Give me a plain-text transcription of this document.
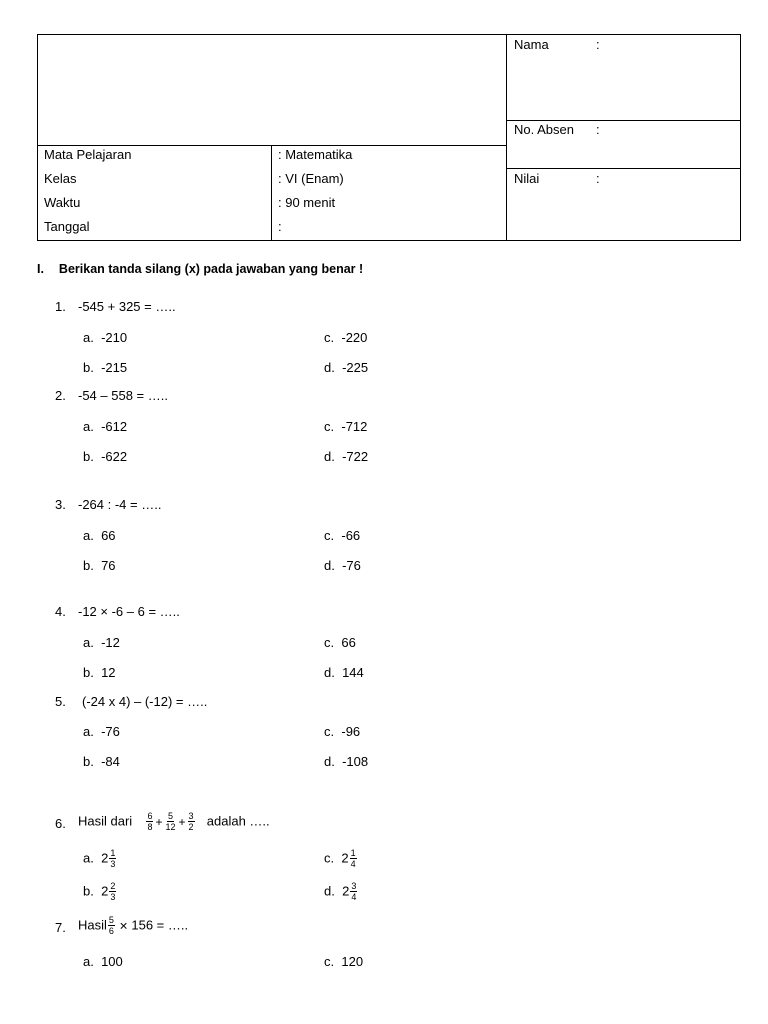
Mata Pelajaran	: Matematika
Kelas	: VI (Enam)
Waktu	: 90 menit
Tanggal	:
Nama	:
No. Absen :
Nilai	:
I. Berikan tanda silang (x) pada jawaban yang benar !
1. -545 + 325 = …..
a. -210
b. -215
c. -220
d. -225
2. -54 – 558 = …..
a. -612
b. -622
c. -712
d. -722
3. -264 : -4 = …..
a. 66
b. 76
c. -66
d. -76
4. -12 × -6 – 6 = …..
a. -12
b. 12
c. 66
d. 144
5. (-24 x 4) – (-12) = …..
a. -76
b. -84
c. -96
d. -108
6. Hasil dari $\frac{6}{8} + \frac{5}{12} + \frac{3}{2}$ adalah …..
a. $2 \frac{1}{3}$
b. $2 \frac{2}{3}$
c. $2 \frac{1}{4}$
d. $2 \frac{3}{4}$
7. Hasil $\frac{5}{6} \times 156$ = …..
a. 100	c. 120
